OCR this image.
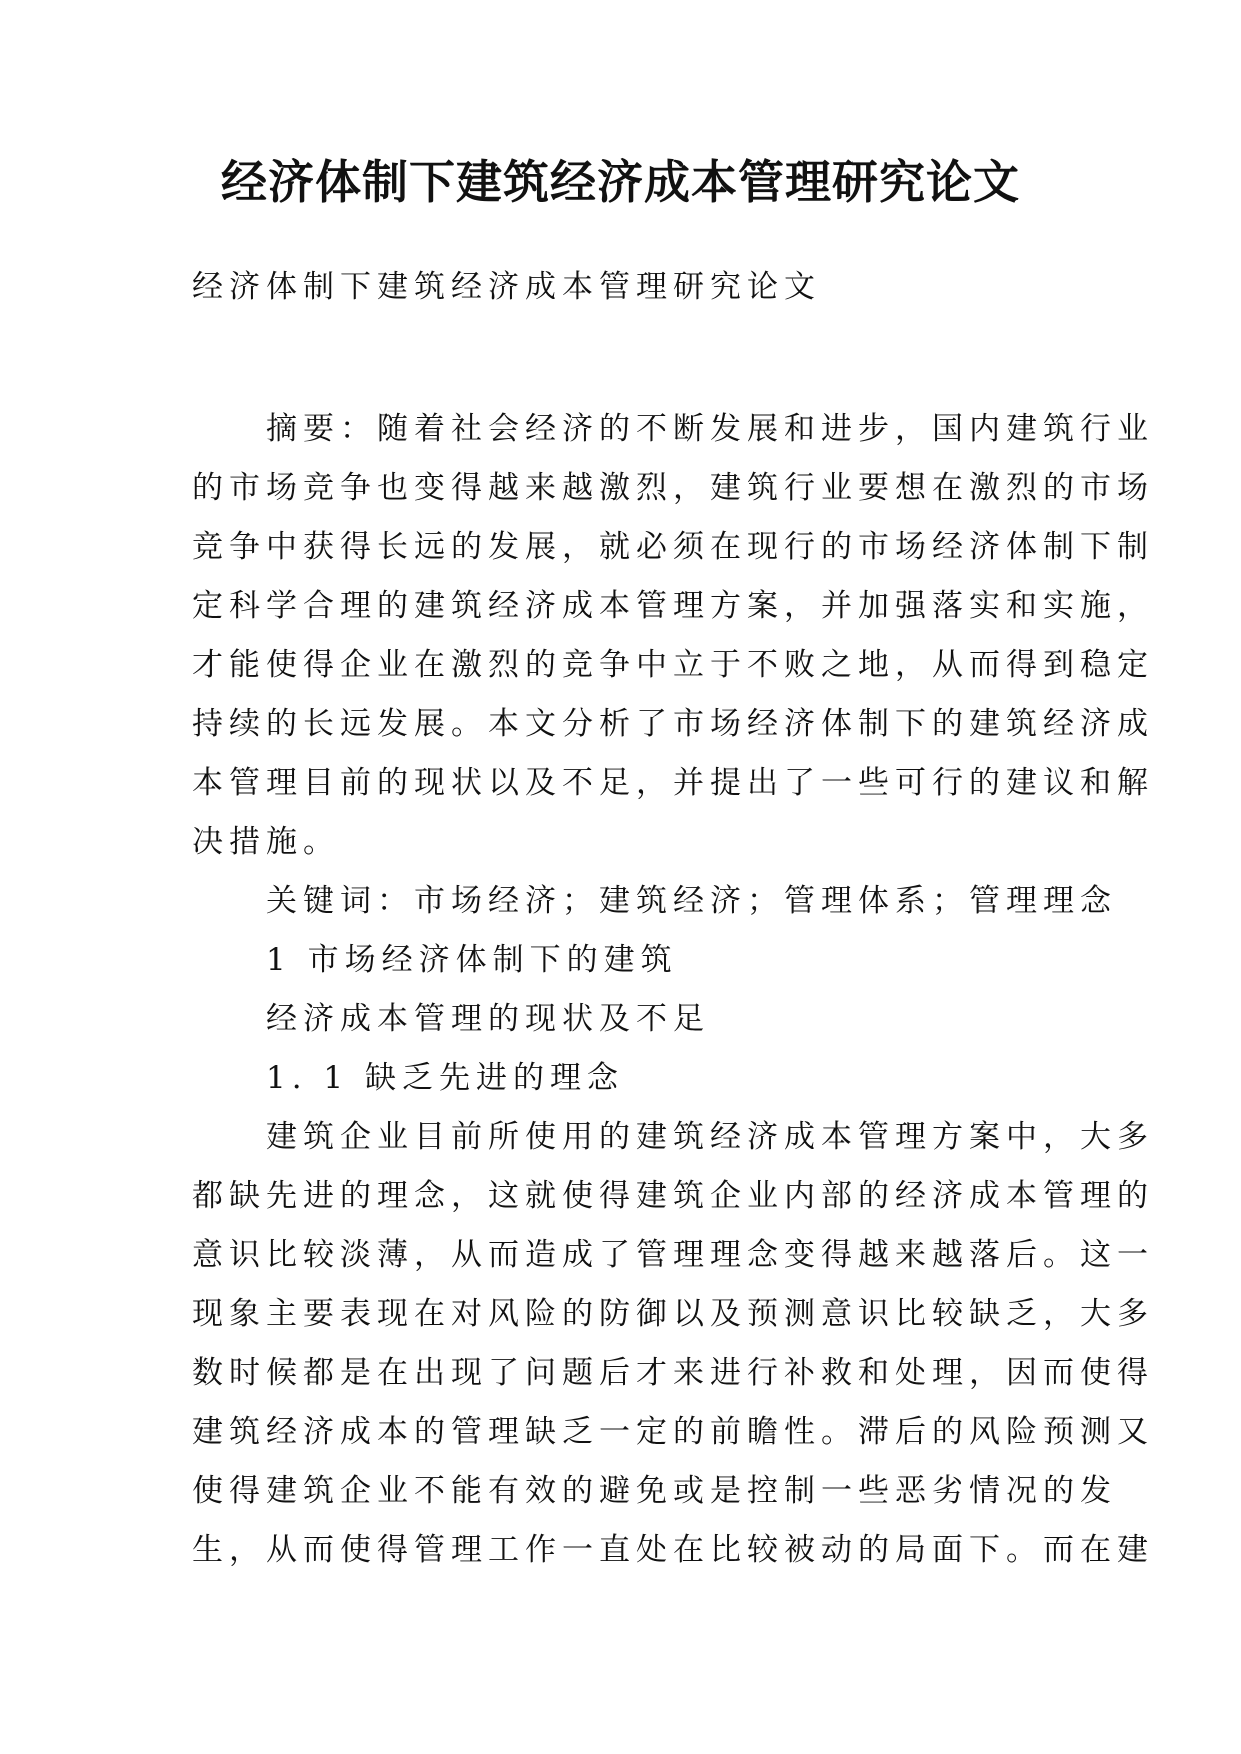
经济体制下建筑经济成本管理研究论文

经济体制下建筑经济成本管理研究论文

　　摘要：随着社会经济的不断发展和进步，国内建筑行业
的市场竞争也变得越来越激烈，建筑行业要想在激烈的市场
竞争中获得长远的发展，就必须在现行的市场经济体制下制
定科学合理的建筑经济成本管理方案，并加强落实和实施，
才能使得企业在激烈的竞争中立于不败之地，从而得到稳定
持续的长远发展。本文分析了市场经济体制下的建筑经济成
本管理目前的现状以及不足，并提出了一些可行的建议和解
决措施。
　　关键词：市场经济；建筑经济；管理体系；管理理念
　　1 市场经济体制下的建筑
　　经济成本管理的现状及不足
　　1. 1 缺乏先进的理念
　　建筑企业目前所使用的建筑经济成本管理方案中，大多
都缺先进的理念，这就使得建筑企业内部的经济成本管理的
意识比较淡薄，从而造成了管理理念变得越来越落后。这一
现象主要表现在对风险的防御以及预测意识比较缺乏，大多
数时候都是在出现了问题后才来进行补救和处理，因而使得
建筑经济成本的管理缺乏一定的前瞻性。滞后的风险预测又
使得建筑企业不能有效的避免或是控制一些恶劣情况的发
生，从而使得管理工作一直处在比较被动的局面下。而在建
